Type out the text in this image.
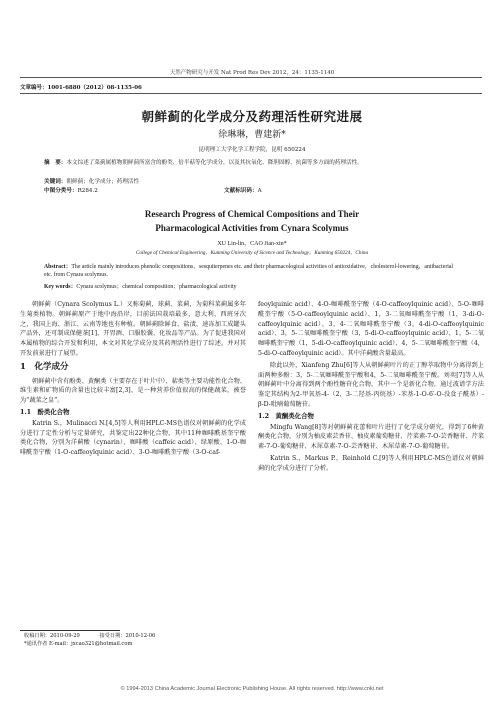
天然产物研究与开发 Nat Prod Res Dev 2012，24：1135-1140
文章编号：1001-6880（2012）08-1135-06
朝鲜蓟的化学成分及药理活性研究进展
徐琳琳，曹建新*
昆明理工大学化学工程学院，昆明 650224
摘　要：本文综述了菜蓟属植物朝鲜蓟所富含的酚类、倍半萜等化学成分，以及其抗氧化、降胆固醇、抗菌等多方面的药理活性。
关键词：朝鲜蓟；化学成分；药理活性
中图分类号：R284.2	文献标识码：A
Research Progress of Chemical Compositions and Their
Pharmacological Activities from Cynara Scolymus
XU Lin-lin，CAO Jian-xin*
College of Chemical Engineering，Kunming University of Sicence and Technology，Kunming 650224，China
Abstract：The article mainly introduces phenolic compositions，sesquiterpenes etc. and their pharmacological activities of antioxidative，cholesterol-lowering，antibacterial etc. from Cynara scolymus.
Key words：Cynara scolymus；chemical composition；pharmacological activity

朝鲜蓟（Cynara Scolymus L.）又称菊蓟，球蓟、菜蓟，为菊科菜蓟属多年生菊类植物。朝鲜蓟原产于地中海沿岸，目前法国栽培最多，意大利、西班牙次之，我国上海、浙江、云南等地也有种植。朝鲜蓟除鲜食、盐渍、速冻加工成罐头产品外，还可制成保健茶[1]、开胃酒、口服胶囊、化妆品等产品。为了促进我国对本属植物的综合开发和利用，本文对其化学成分及其药理活性进行了综述，并对其开发前景进行了展望。

1　 化学成分

朝鲜蓟中含有酚类、黄酮类（主要存在于叶片中）、萜类等主要功能性化合物、维生素和矿物质的含量也比较丰富[2,3]，是一种营养价值很高的保健蔬菜，被誉为“蔬菜之皇”。

1.1　 酚类化合物

Katrin S.，Mulinacci N.[4,5]等人利用HPLC-MS色谱仪对朝鲜蓟的化学成分进行了定性分析与定量研究，共鉴定出22种化合物，其中11种咖啡酰基奎宁酸类化合物，分别为洋蓟酸（cynarin）、咖啡酸（caffeic acid）、绿原酸、1-O-咖啡酰奎宁酸（1-O-caffeoylquinic acid）、3-O-咖啡酰奎宁酸（3-O-caf-

收稿日期：2010-09-29	接受日期：2010-12-06
*通讯作者 E-mail：jxcao321@hotmail.com

feoylquinic acid）、4-O-咖啡酰奎宁酸（4-O-caffeoylquinic acid）、5-O-咖啡酰奎宁酸（5-O-caffeoylquinic acid）、1，3-二氧咖啡酰奎宁酸（1，3-di-O-caffeoylquinic acid）、3，4-二氧咖啡酰奎宁酸（3，4-di-O-caffeoylquinic acid）、3，5-二氧咖啡酰奎宁酸（3，5-di-O-caffeoylquinic acid）、1，5-二氧咖啡酰奎宁酸（1，5-di-O-caffeoylquinic acid）、4，5-二氧咖啡酰奎宁酸（4，5-di-O-caffeoylquinic acid）。其中洋蓟酸含量最高。

除此以外，Xianfeng Zhu[6]等人从朝鲜蓟叶片的正丁醇萃取物中分离得到上面两种多酚：3，5-二氧咖啡酰奎宁酸和4，5-二氧咖啡酰奎宁酸。刘奕[7]等人从朝鲜蓟叶中分离得到两个酚性糖苷化合物，其中一个是新化合物，通过波谱学方法鉴定其结构为2-甲氧基-4-（2，3-二羟基-丙烷基）-苯基-1-O-6′-O-没食子酰基）-β-D-吡喃葡萄糖苷。

1.2　 黄酮类化合物

Mingfu Wang[8]等对朝鲜蓟花蕾和叶片进行了化学成分研究，得到了6种黄酮类化合物，分别为柚皮素芸香苷、柚皮素葡萄糖苷、芹菜素-7-O-芸香糖苷、芹菜素-7-O-葡萄糖苷、木犀草素-7-O-芸香糖苷、木犀草素-7-O-葡萄糖苷。

Katrin S.，Markus P.，Reinhold C.[9]等人利用HPLC-MS色谱仪对朝鲜蓟的化学成分进行了分析。

© 1994-2013 China Academic Journal Electronic Publishing House. All rights reserved. http://www.cnki.net
